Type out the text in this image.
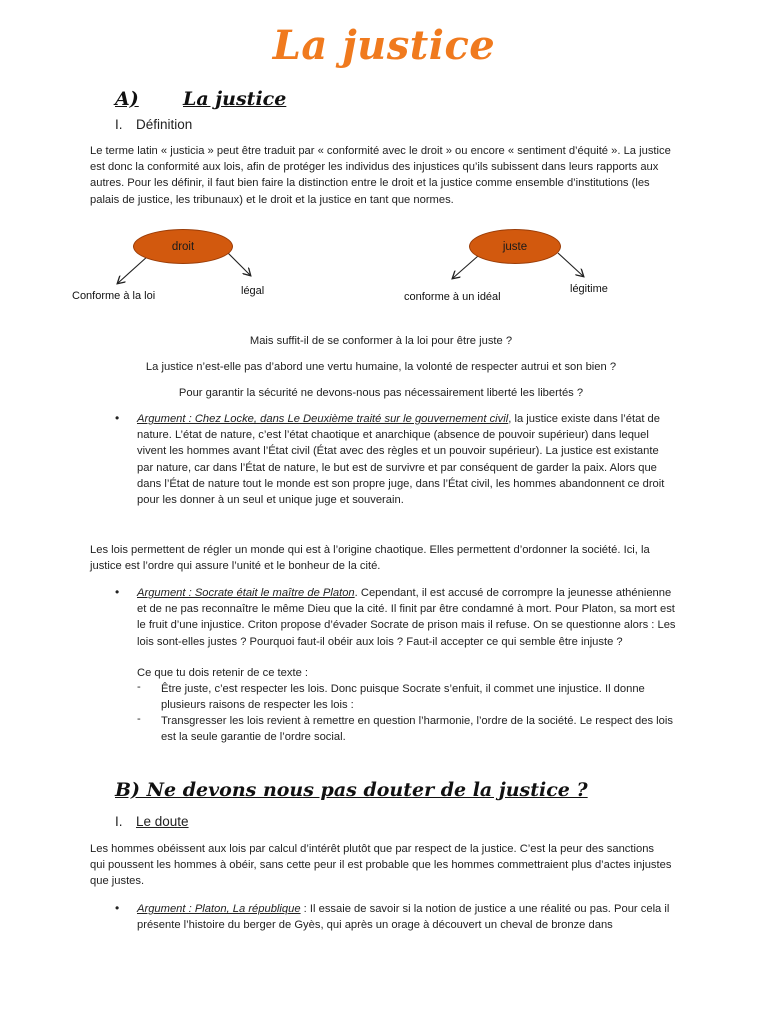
La justice
A) La justice
I. Définition
Le terme latin « justicia » peut être traduit par « conformité avec le droit » ou encore « sentiment d’équité ». La justice est donc la conformité aux lois, afin de protéger les individus des injustices qu’ils subissent dans leurs rapports aux autres. Pour les définir, il faut bien faire la distinction entre le droit et la justice comme ensemble d’institutions (les palais de justice, les tribunaux) et le droit et la justice en tant que normes.
droit	juste
Conforme à la loi	légal	conforme à un idéal
légitime
Mais suffit-il de se conformer à la loi pour être juste ?
La justice n’est-elle pas d’abord une vertu humaine, la volonté de respecter autrui et son bien ?
Pour garantir la sécurité ne devons-nous pas nécessairement liberté les libertés ?
•	Argument : Chez Locke, dans Le Deuxième traité sur le gouvernement civil, la justice existe dans l’état de nature. L’état de nature, c’est l’état chaotique et anarchique (absence de pouvoir supérieur) dans lequel vivent les hommes avant l’État civil (État avec des règles et un pouvoir supérieur). La justice est existante par nature, car dans l’État de nature, le but est de survivre et par conséquent de garder la paix. Alors que dans l’État de nature tout le monde est son propre juge, dans l’État civil, les hommes abandonnent ce droit pour les donner à un seul et unique juge et souverain.
Les lois permettent de régler un monde qui est à l’origine chaotique. Elles permettent d’ordonner la société. Ici, la justice est l’ordre qui assure l’unité et le bonheur de la cité.
•	Argument : Socrate était le maître de Platon. Cependant, il est accusé de corrompre la jeunesse athénienne et de ne pas reconnaître le même Dieu que la cité. Il finit par être condamné à mort. Pour Platon, sa mort est le fruit d’une injustice. Criton propose d’évader Socrate de prison mais il refuse. On se questionne alors : Les lois sont-elles justes ? Pourquoi faut-il obéir aux lois ? Faut-il accepter ce qui semble être injuste ?
Ce que tu dois retenir de ce texte :
- Être juste, c’est respecter les lois. Donc puisque Socrate s’enfuit, il commet une injustice. Il donne plusieurs raisons de respecter les lois :
- Transgresser les lois revient à remettre en question l’harmonie, l’ordre de la société. Le respect des lois est la seule garantie de l’ordre social.
B) Ne devons nous pas douter de la justice ?
I. Le doute
Les hommes obéissent aux lois par calcul d’intérêt plutôt que par respect de la justice. C’est la peur des sanctions qui poussent les hommes à obéir, sans cette peur il est probable que les hommes commettraient plus d’actes injustes que justes.
•	Argument : Platon, La république : Il essaie de savoir si la notion de justice a une réalité ou pas. Pour cela il présente l’histoire du berger de Gyès, qui après un orage à découvert un cheval de bronze dans
